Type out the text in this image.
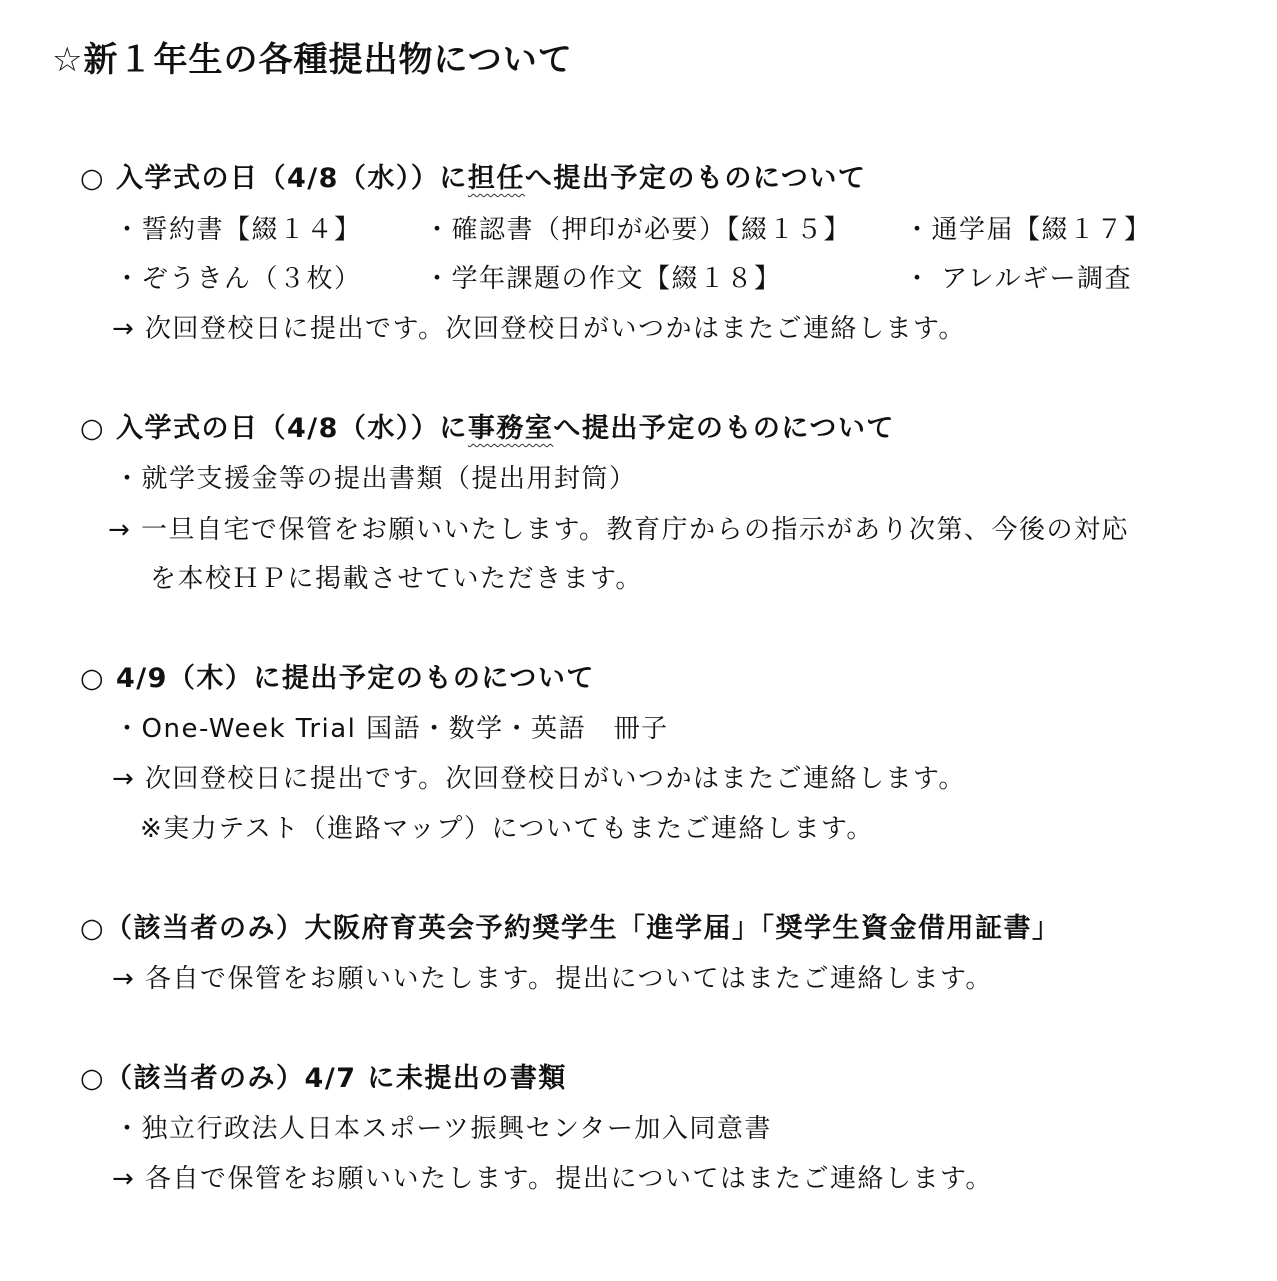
☆新１年生の各種提出物について
○ 入学式の日（4/8（水））に担任へ提出予定のものについて
・誓約書【綴１４】 ・確認書（押印が必要）【綴１５】 ・通学届【綴１７】
・ぞうきん（３枚） ・学年課題の作文【綴１８】	・ アレルギー調査
→ 次回登校日に提出です。次回登校日がいつかはまたご連絡します。
○ 入学式の日（4/8（水））に事務室へ提出予定のものについて
・就学支援金等の提出書類（提出用封筒）
→ 一旦自宅で保管をお願いいたします。教育庁からの指示があり次第、今後の対応
を本校ＨＰに掲載させていただきます。
○ 4/9（木）に提出予定のものについて
・One-Week Trial 国語・数学・英語　冊子
→ 次回登校日に提出です。次回登校日がいつかはまたご連絡します。
※実力テスト（進路マップ）についてもまたご連絡します。
○（該当者のみ）大阪府育英会予約奨学生「進学届」「奨学生資金借用証書」
→ 各自で保管をお願いいたします。提出についてはまたご連絡します。
○（該当者のみ）4/7 に未提出の書類
・独立行政法人日本スポーツ振興センター加入同意書
→ 各自で保管をお願いいたします。提出についてはまたご連絡します。
